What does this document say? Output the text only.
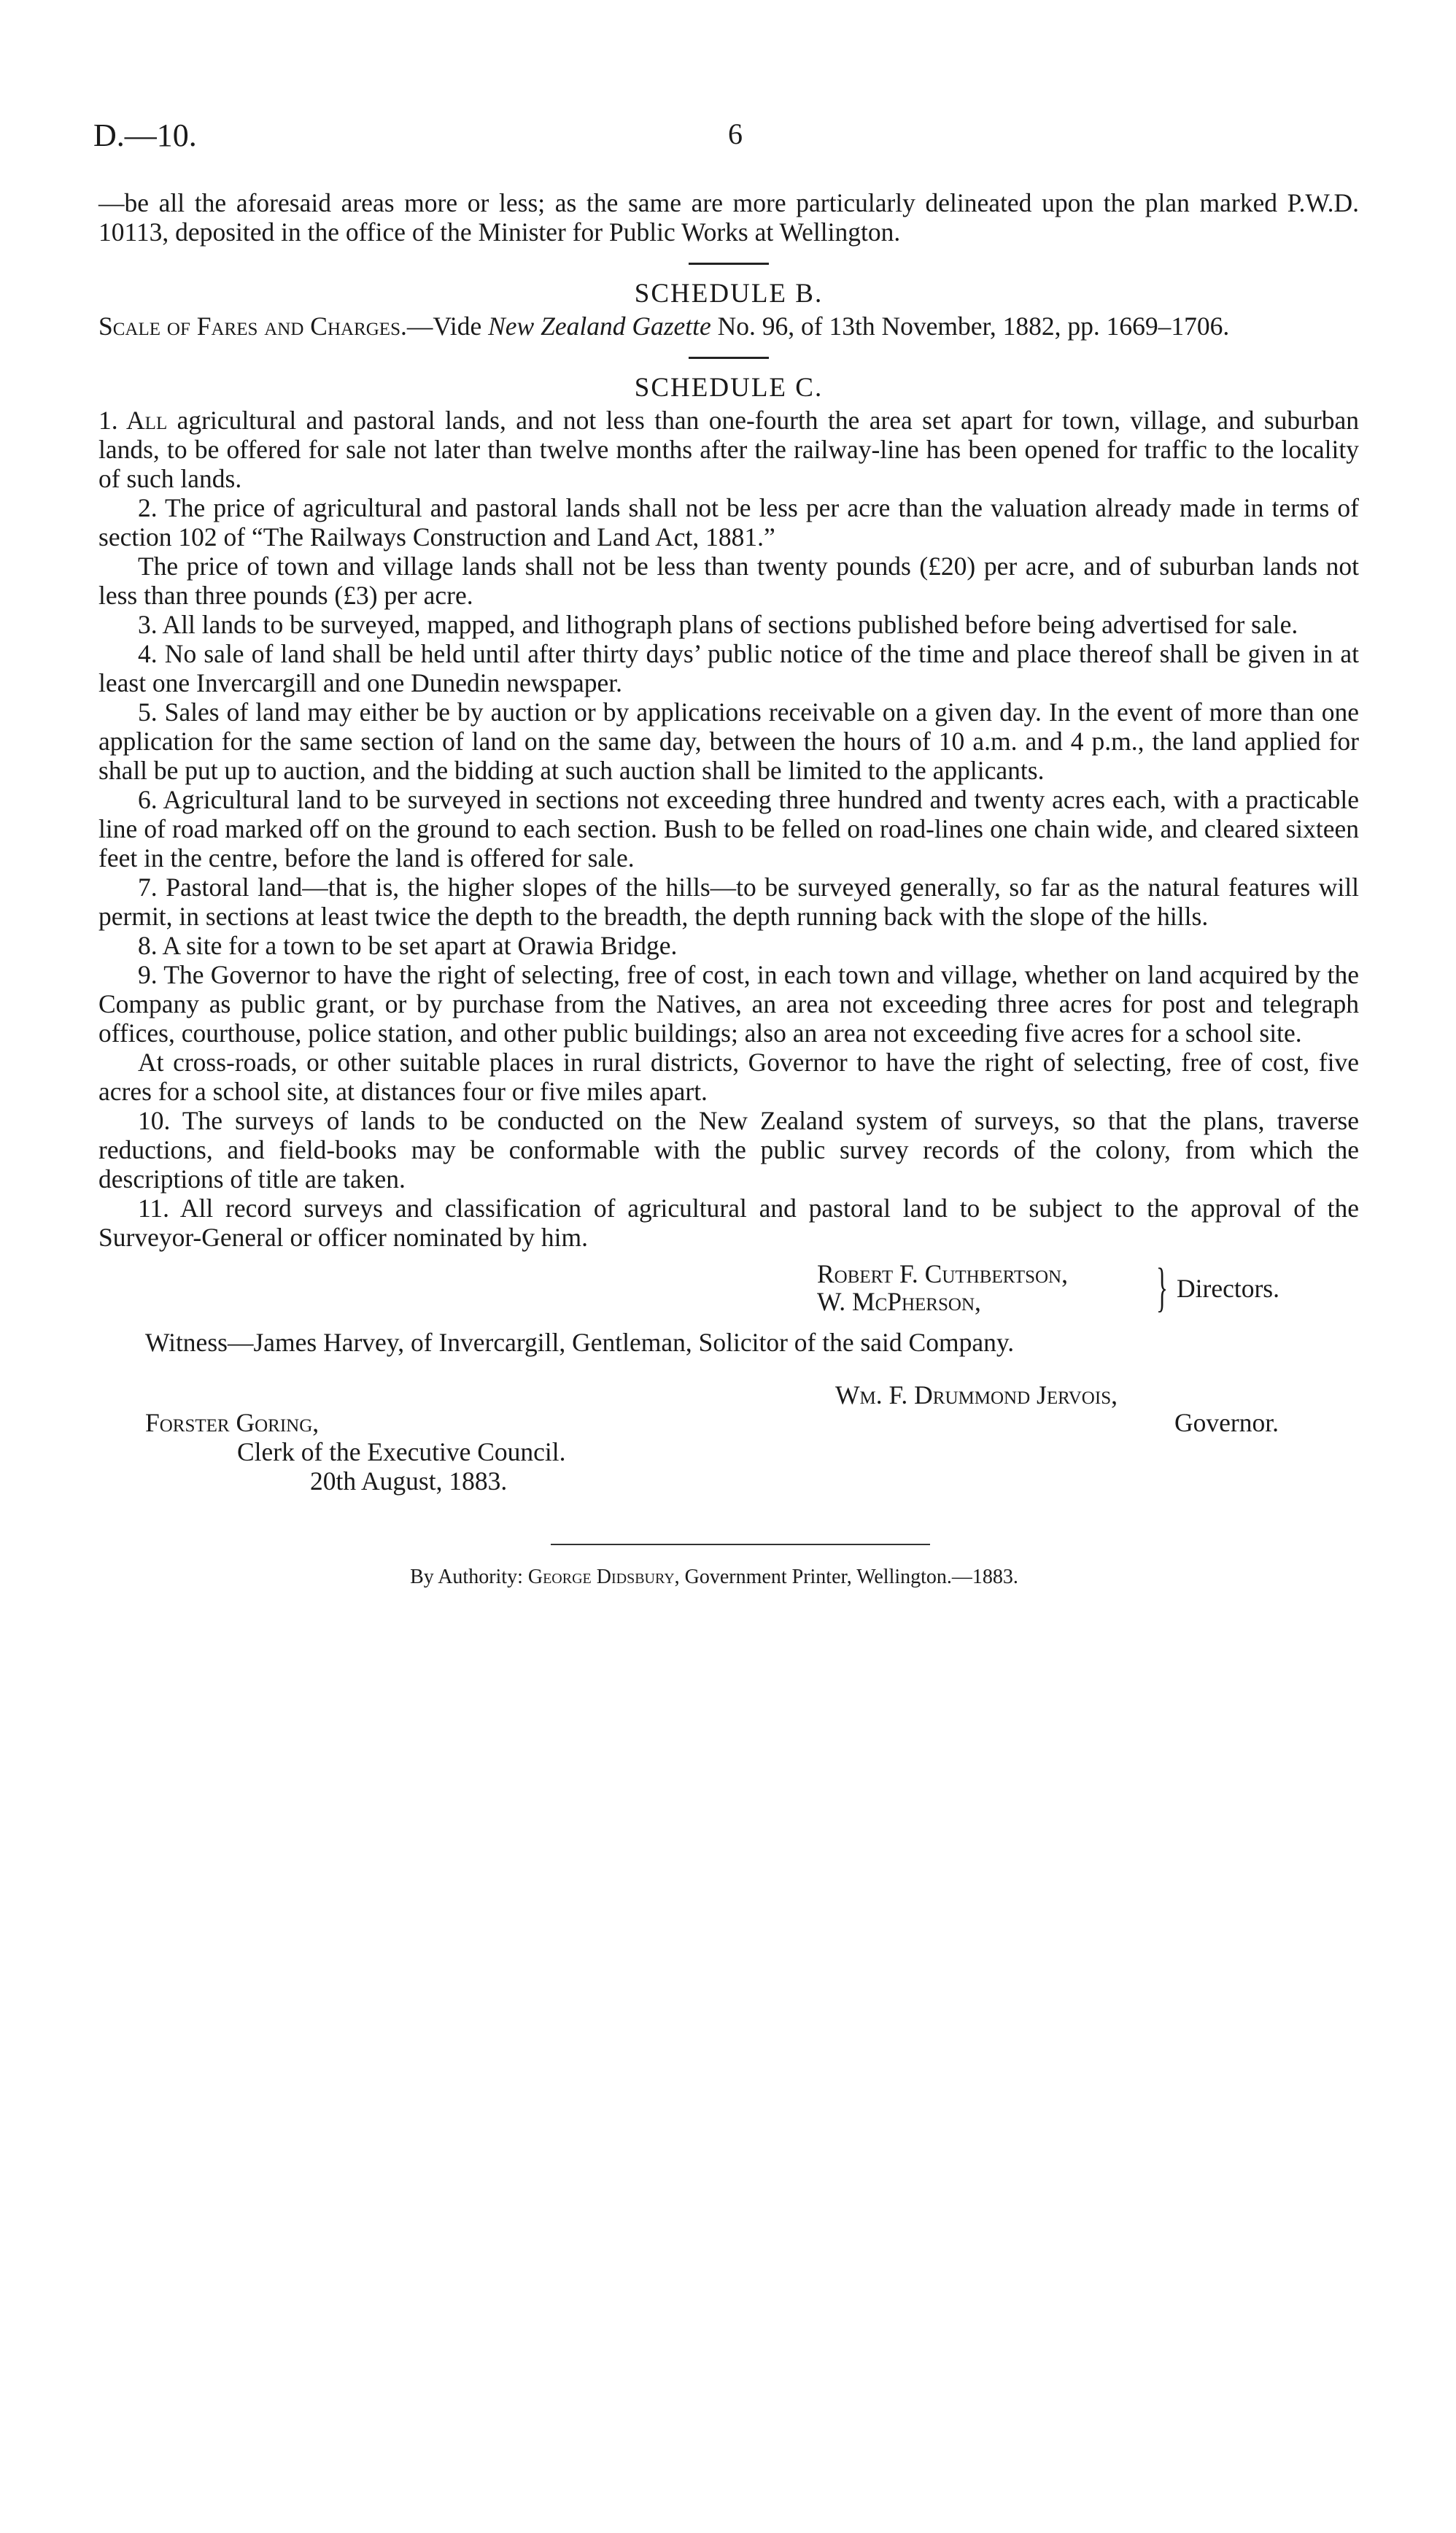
D.—10.	6

—be all the aforesaid areas more or less; as the same are more particularly delineated upon the plan marked P.W.D. 10113, deposited in the office of the Minister for Public Works at Wellington.

SCHEDULE B.

Scale of Fares and Charges.—Vide New Zealand Gazette No. 96, of 13th November, 1882, pp. 1669–1706.

SCHEDULE C.

1. All agricultural and pastoral lands, and not less than one-fourth the area set apart for town, village, and suburban lands, to be offered for sale not later than twelve months after the railway-line has been opened for traffic to the locality of such lands.

2. The price of agricultural and pastoral lands shall not be less per acre than the valuation already made in terms of section 102 of “The Railways Construction and Land Act, 1881.”

The price of town and village lands shall not be less than twenty pounds (£20) per acre, and of suburban lands not less than three pounds (£3) per acre.

3. All lands to be surveyed, mapped, and lithograph plans of sections published before being advertised for sale.

4. No sale of land shall be held until after thirty days’ public notice of the time and place thereof shall be given in at least one Invercargill and one Dunedin newspaper.

5. Sales of land may either be by auction or by applications receivable on a given day. In the event of more than one application for the same section of land on the same day, between the hours of 10 a.m. and 4 p.m., the land applied for shall be put up to auction, and the bidding at such auction shall be limited to the applicants.

6. Agricultural land to be surveyed in sections not exceeding three hundred and twenty acres each, with a practicable line of road marked off on the ground to each section. Bush to be felled on road-lines one chain wide, and cleared sixteen feet in the centre, before the land is offered for sale.

7. Pastoral land—that is, the higher slopes of the hills—to be surveyed generally, so far as the natural features will permit, in sections at least twice the depth to the breadth, the depth running back with the slope of the hills.

8. A site for a town to be set apart at Orawia Bridge.

9. The Governor to have the right of selecting, free of cost, in each town and village, whether on land acquired by the Company as public grant, or by purchase from the Natives, an area not exceeding three acres for post and telegraph offices, courthouse, police station, and other public buildings; also an area not exceeding five acres for a school site.

At cross-roads, or other suitable places in rural districts, Governor to have the right of selecting, free of cost, five acres for a school site, at distances four or five miles apart.

10. The surveys of lands to be conducted on the New Zealand system of surveys, so that the plans, traverse reductions, and field-books may be conformable with the public survey records of the colony, from which the descriptions of title are taken.

11. All record surveys and classification of agricultural and pastoral land to be subject to the approval of the Surveyor-General or officer nominated by him.

Robert F. Cuthbertson,
W. McPherson,	} Directors.

Witness—James Harvey, of Invercargill, Gentleman, Solicitor of the said Company.

Wm. F. Drummond Jervois,
Governor.
Forster Goring,
Clerk of the Executive Council.
20th August, 1883.
By Authority: George Didsbury, Government Printer, Wellington.—1883.
